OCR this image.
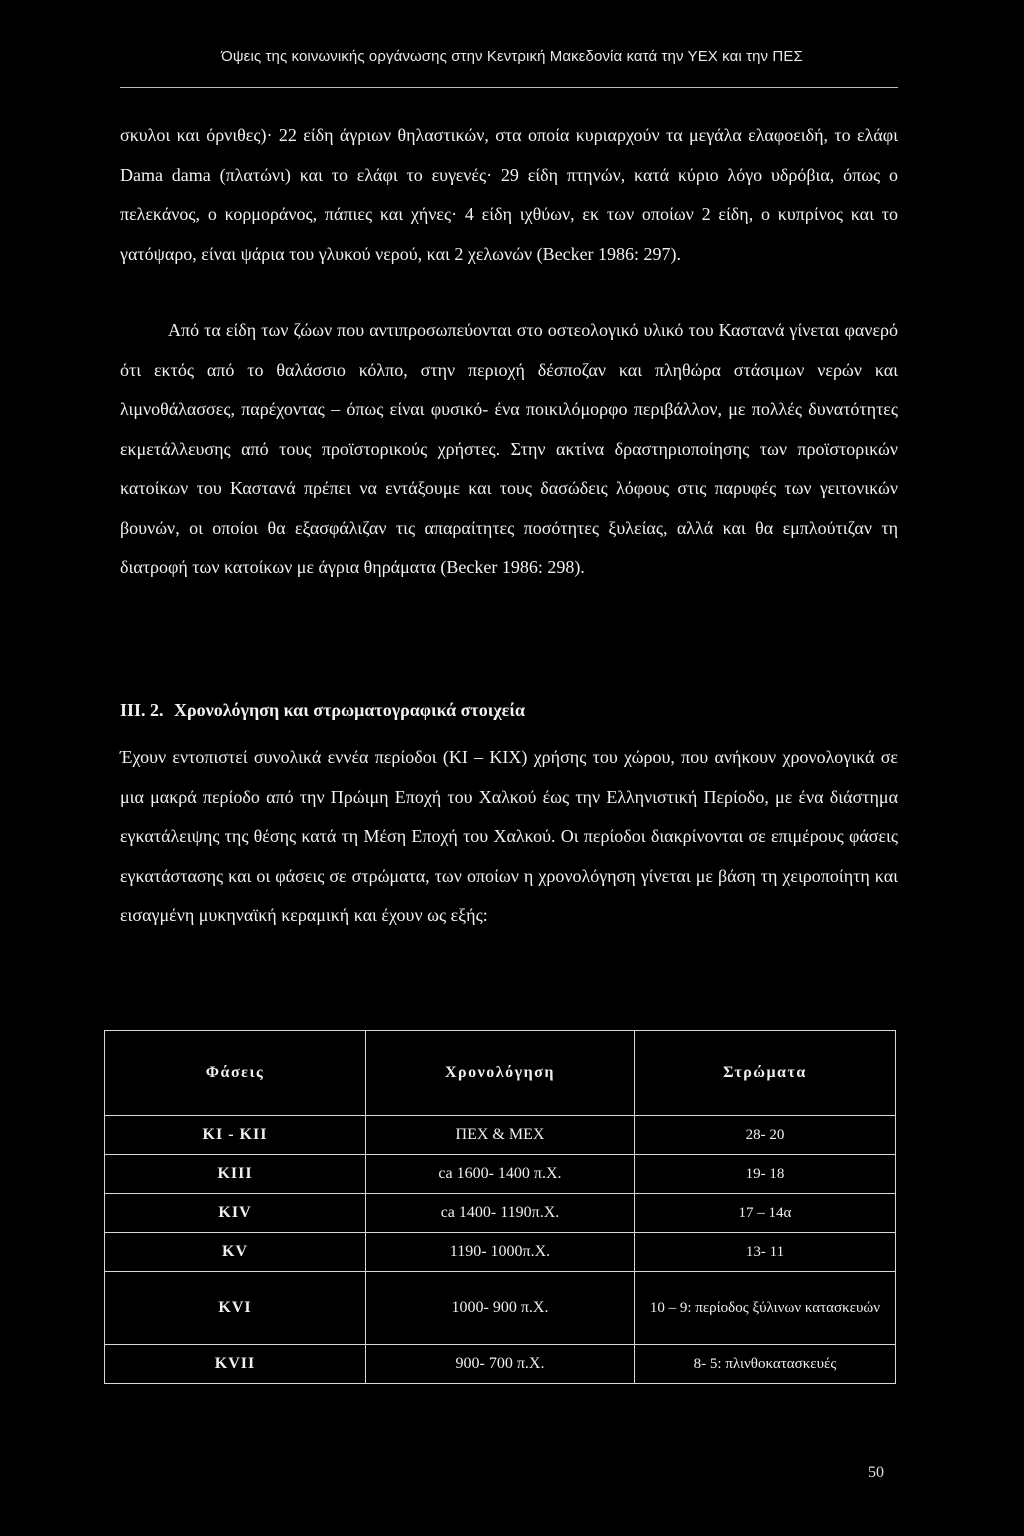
Όψεις της κοινωνικής οργάνωσης στην Κεντρική Μακεδονία κατά την ΥΕΧ και την ΠΕΣ

σκυλοι και όρνιθες)· 22 είδη άγριων θηλαστικών, στα οποία κυριαρχούν τα μεγάλα ελαφοειδή, το ελάφι Dama dama (πλατώνι) και το ελάφι το ευγενές· 29 είδη πτηνών, κατά κύριο λόγο υδρόβια, όπως ο πελεκάνος, ο κορμοράνος, πάπιες και χήνες· 4 είδη ιχθύων, εκ των οποίων 2 είδη, ο κυπρίνος και το γατόψαρο, είναι ψάρια του γλυκού νερού, και 2 χελωνών (Becker 1986: 297).

Από τα είδη των ζώων που αντιπροσωπεύονται στο οστεολογικό υλικό του Καστανά γίνεται φανερό ότι εκτός από το θαλάσσιο κόλπο, στην περιοχή δέσποζαν και πληθώρα στάσιμων νερών και λιμνοθάλασσες, παρέχοντας – όπως είναι φυσικό- ένα ποικιλόμορφο περιβάλλον, με πολλές δυνατότητες εκμετάλλευσης από τους προϊστορικούς χρήστες. Στην ακτίνα δραστηριοποίησης των προϊστορικών κατοίκων του Καστανά πρέπει να εντάξουμε και τους δασώδεις λόφους στις παρυφές των γειτονικών βουνών, οι οποίοι θα εξασφάλιζαν τις απαραίτητες ποσότητες ξυλείας, αλλά και θα εμπλούτιζαν τη διατροφή των κατοίκων με άγρια θηράματα (Becker 1986: 298).

III. 2. Χρονολόγηση και στρωματογραφικά στοιχεία

Έχουν εντοπιστεί συνολικά εννέα περίοδοι (ΚΙ – ΚΙΧ) χρήσης του χώρου, που ανήκουν χρονολογικά σε μια μακρά περίοδο από την Πρώιμη Εποχή του Χαλκού έως την Ελληνιστική Περίοδο, με ένα διάστημα εγκατάλειψης της θέσης κατά τη Μέση Εποχή του Χαλκού. Οι περίοδοι διακρίνονται σε επιμέρους φάσεις εγκατάστασης και οι φάσεις σε στρώματα, των οποίων η χρονολόγηση γίνεται με βάση τη χειροποίητη και εισαγμένη μυκηναϊκή κεραμική και έχουν ως εξής:

Φάσεις	Χρονολόγηση	Στρώματα
ΚΙ - ΚΙΙ	ΠΕΧ & ΜΕΧ	28- 20
ΚΙΙΙ	ca 1600- 1400 π.Χ.	19- 18
ΚΙV	ca 1400- 1190π.Χ.	17 – 14α
ΚV	1190- 1000π.Χ.	13- 11
ΚVΙ	1000- 900 π.Χ.	10 – 9: περίοδος ξύλινων κατασκευών
ΚVΙΙ	900- 700 π.Χ.	8- 5: πλινθοκατασκευές
50
